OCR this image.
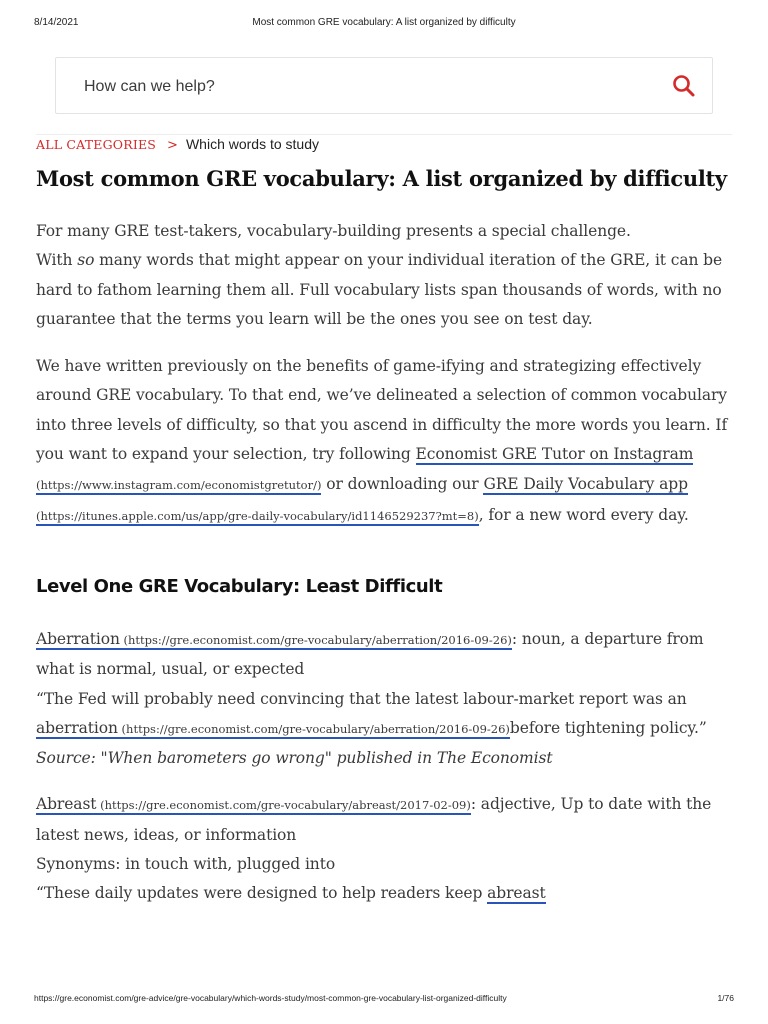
8/14/2021	Most common GRE vocabulary: A list organized by difficulty
How can we help?
ALL CATEGORIES > Which words to study
Most common GRE vocabulary: A list organized by difficulty

For many GRE test-takers, vocabulary-building presents a special challenge.
With so many words that might appear on your individual iteration of the GRE, it can be hard to fathom learning them all. Full vocabulary lists span thousands of words, with no guarantee that the terms you learn will be the ones you see on test day.

We have written previously on the benefits of game-ifying and strategizing effectively around GRE vocabulary. To that end, we’ve delineated a selection of common vocabulary into three levels of difficulty, so that you ascend in difficulty the more words you learn. If you want to expand your selection, try following Economist GRE Tutor on Instagram (https://www.instagram.com/economistgretutor/) or downloading our GRE Daily Vocabulary app (https://itunes.apple.com/us/app/gre-daily-vocabulary/id1146529237?mt=8), for a new word every day.

Level One GRE Vocabulary: Least Difficult
Aberration (https://gre.economist.com/gre-vocabulary/aberration/2016-09-26): noun, a departure from what is normal, usual, or expected
“The Fed will probably need convincing that the latest labour-market report was an aberration (https://gre.economist.com/gre-vocabulary/aberration/2016-09-26)before tightening policy.”
Source: "When barometers go wrong" published in The Economist
Abreast (https://gre.economist.com/gre-vocabulary/abreast/2017-02-09): adjective, Up to date with the latest news, ideas, or information
Synonyms: in touch with, plugged into
“These daily updates were designed to help readers keep abreast
https://gre.economist.com/gre-advice/gre-vocabulary/which-words-study/most-common-gre-vocabulary-list-organized-difficulty	1/76
